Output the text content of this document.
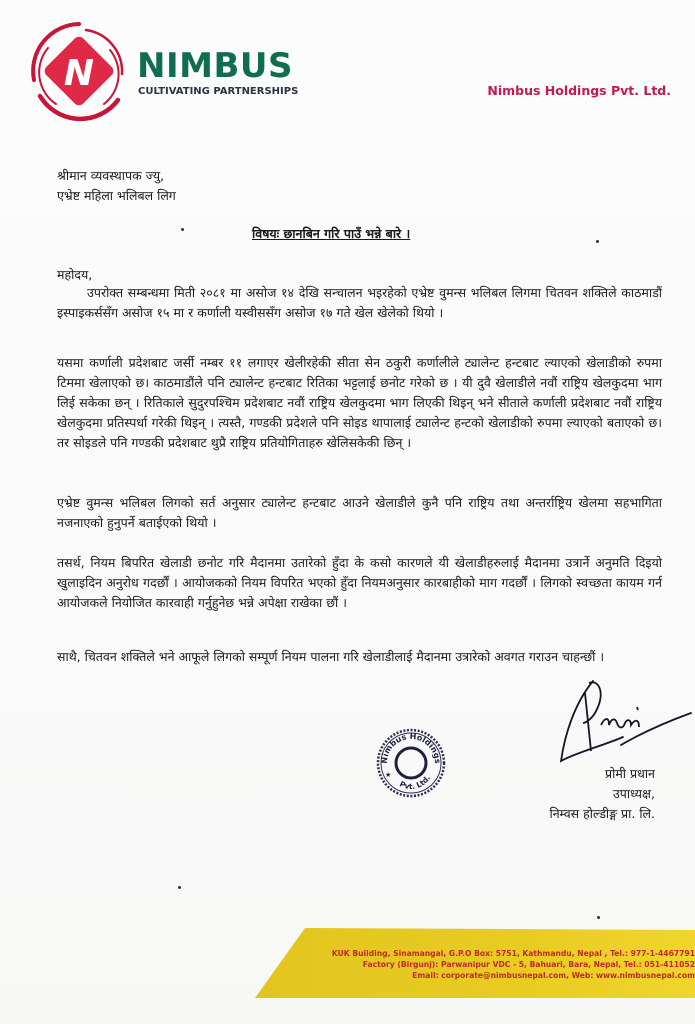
N NIMBUS
CULTIVATING PARTNERSHIPS	Nimbus Holdings Pvt. Ltd.
श्रीमान व्यवस्थापक ज्यु,
एभ्रेष्ट महिला भलिबल लिग
विषयः छानबिन गरि पाउँ भन्ने बारे ।
महोदय,
उपरोक्त सम्बन्धमा मिती २०८१ मा असोज १४ देखि सन्चालन भइरहेको एभ्रेष्ट वुमन्स भलिबल लिगमा चितवन शक्तिले काठमाडौं इस्पाइकर्ससँग असोज १५ मा र कर्णाली यस्वीससँग असोज १७ गते खेल खेलेको थियो ।
यसमा कर्णाली प्रदेशबाट जर्सी नम्बर ११ लगाएर खेलीरहेकी सीता सेन ठकुरी कर्णालीले ट्यालेन्ट हन्टबाट ल्याएको खेलाडीको रुपमा टिममा खेलाएको छ। काठमाडौंले पनि ट्यालेन्ट हन्टबाट रितिका भट्टलाई छनोट गरेको छ । यी दुवै खेलाडीले नवौं राष्ट्रिय खेलकुदमा भाग लिई सकेका छन् । रितिकाले सुदुरपश्चिम प्रदेशबाट नवौं राष्ट्रिय खेलकुदमा भाग लिएकी थिइन् भने सीताले कर्णाली प्रदेशबाट नवौं राष्ट्रिय खेलकुदमा प्रतिस्पर्धा गरेकी थिइन् । त्यस्तै, गण्डकी प्रदेशले पनि सोइड थापालाई ट्यालेन्ट हन्टको खेलाडीको रुपमा ल्याएको बताएको छ। तर सोइडले पनि गण्डकी प्रदेशबाट थुप्रै राष्ट्रिय प्रतियोगिताहरु खेलिसकेकी छिन् ।
एभ्रेष्ट वुमन्स भलिबल लिगको सर्त अनुसार ट्यालेन्ट हन्टबाट आउने खेलाडीले कुनै पनि राष्ट्रिय तथा अन्तर्राष्ट्रिय खेलमा सहभागिता नजनाएको हुनुपर्ने बताईएको थियो ।
तसर्थ, नियम बिपरित खेलाडी छनोट गरि मैदानमा उतारेको हुँदा के कसो कारणले यी खेलाडीहरुलाई मैदानमा उत्रार्ने अनुमति दिइयो खुलाइदिन अनुरोध गदर्छौं । आयोजकको नियम विपरित भएको हुँदा नियमअनुसार कारबाहीको माग गदर्छौं । लिगको स्वच्छता कायम गर्न आयोजकले नियोजित कारवाही गर्नुहुनेछ भन्ने अपेक्षा राखेका छौं ।
साथै, चितवन शक्तिले भने आफूले लिगको सम्पूर्ण नियम पालना गरि खेलाडीलाई मैदानमा उत्रारेको अवगत गराउन चाहन्छौं ।
Nimbus Holdings
Pvt. Ltd.
★
Promi
प्रोमी प्रधान
उपाध्यक्ष,
निम्वस होल्डीङ्ग प्रा. लि.
KUK Building, Sinamangal, G.P.O Box: 5751, Kathmandu, Nepal , Tel.: 977-1-4467791
Factory (Birgunj): Parwanipur VDC - 5, Bahuari, Bara, Nepal, Tel.: 051-411052
Email: corporate@nimbusnepal.com, Web: www.nimbusnepal.com
